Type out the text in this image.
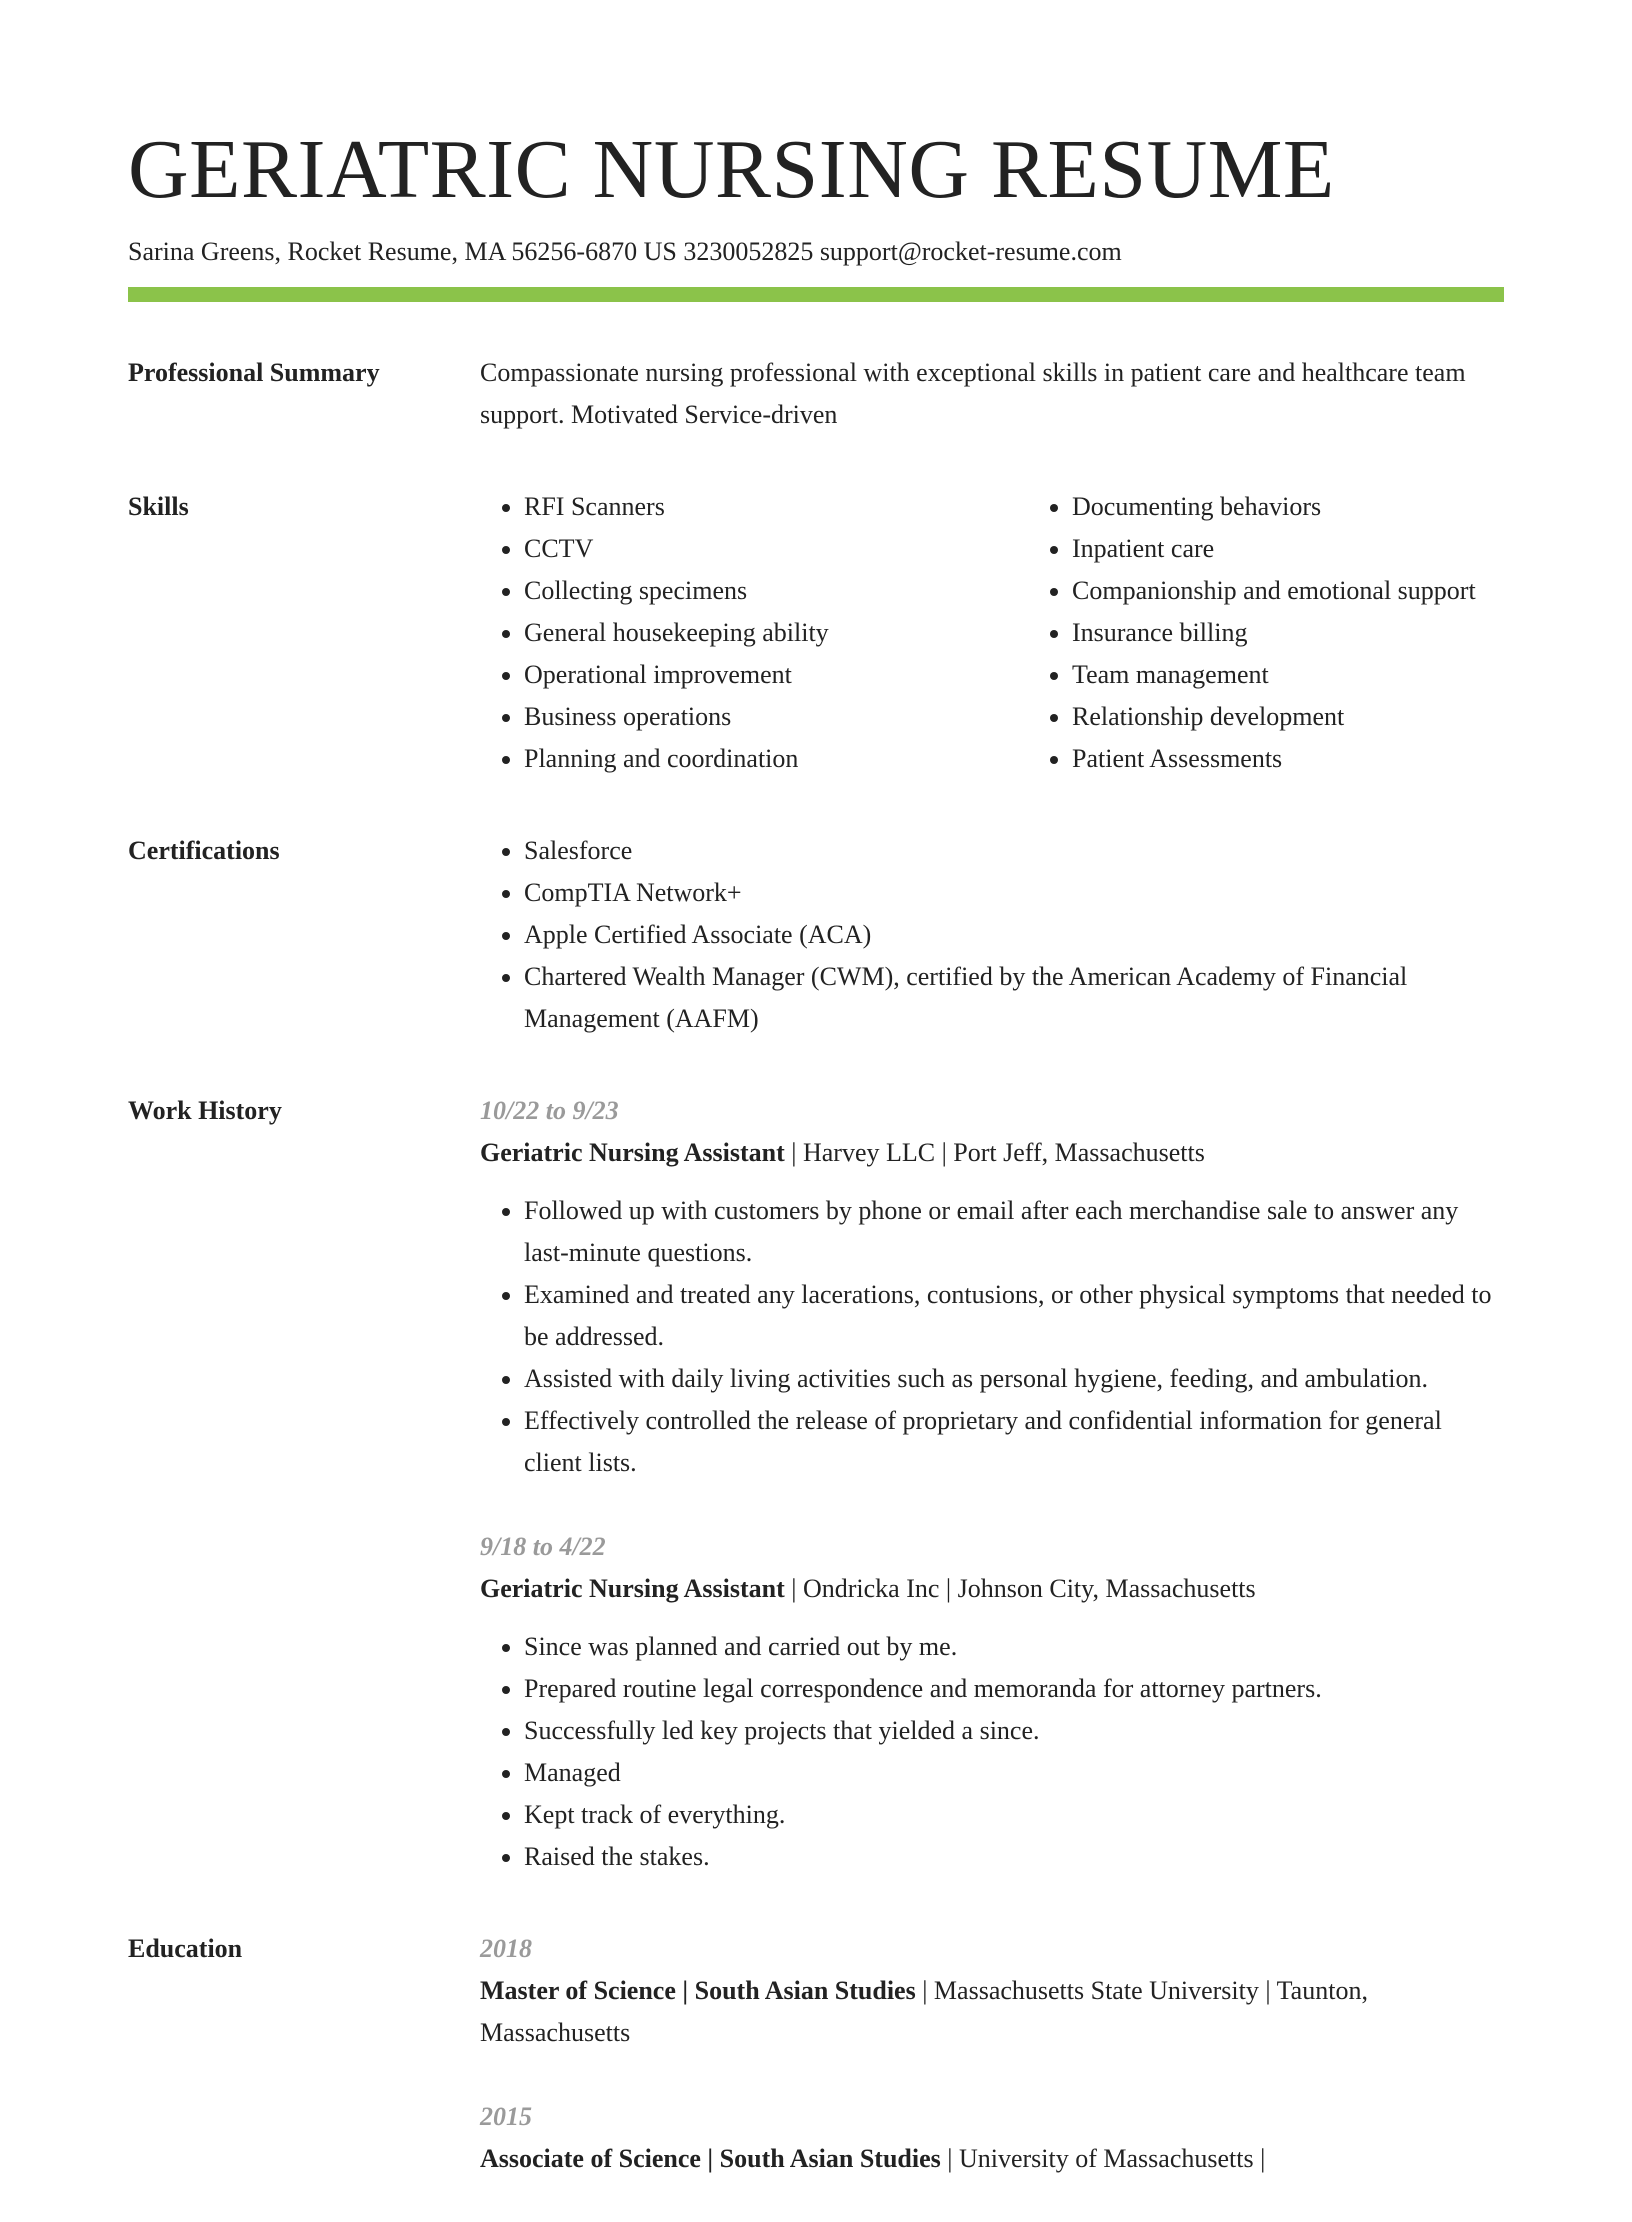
GERIATRIC NURSING RESUME
Sarina Greens, Rocket Resume, MA 56256-6870 US 3230052825 support@rocket-resume.com
Professional Summary	Compassionate nursing professional with exceptional skills in patient care and healthcare team support. Motivated Service-driven

Skills	• RFI Scanners
• CCTV
• Collecting specimens
• General housekeeping ability
• Operational improvement
• Business operations
• Planning and coordination
• Documenting behaviors
• Inpatient care
• Companionship and emotional support
• Insurance billing
• Team management
• Relationship development
• Patient Assessments
Certifications	• Salesforce
• CompTIA Network+
• Apple Certified Associate (ACA)
• Chartered Wealth Manager (CWM), certified by the American Academy of Financial Management (AAFM)
Work History	10/22 to 9/23
Geriatric Nursing Assistant | Harvey LLC | Port Jeff, Massachusetts
• Followed up with customers by phone or email after each merchandise sale to answer any last-minute questions.
• Examined and treated any lacerations, contusions, or other physical symptoms that needed to be addressed.
• Assisted with daily living activities such as personal hygiene, feeding, and ambulation.
• Effectively controlled the release of proprietary and confidential information for general client lists.
9/18 to 4/22
Geriatric Nursing Assistant | Ondricka Inc | Johnson City, Massachusetts
• Since was planned and carried out by me.
• Prepared routine legal correspondence and memoranda for attorney partners.
• Successfully led key projects that yielded a since.
• Managed
• Kept track of everything.
• Raised the stakes.
Education	2018
Master of Science | South Asian Studies | Massachusetts State University | Taunton, Massachusetts
2015
Associate of Science | South Asian Studies | University of Massachusetts |
